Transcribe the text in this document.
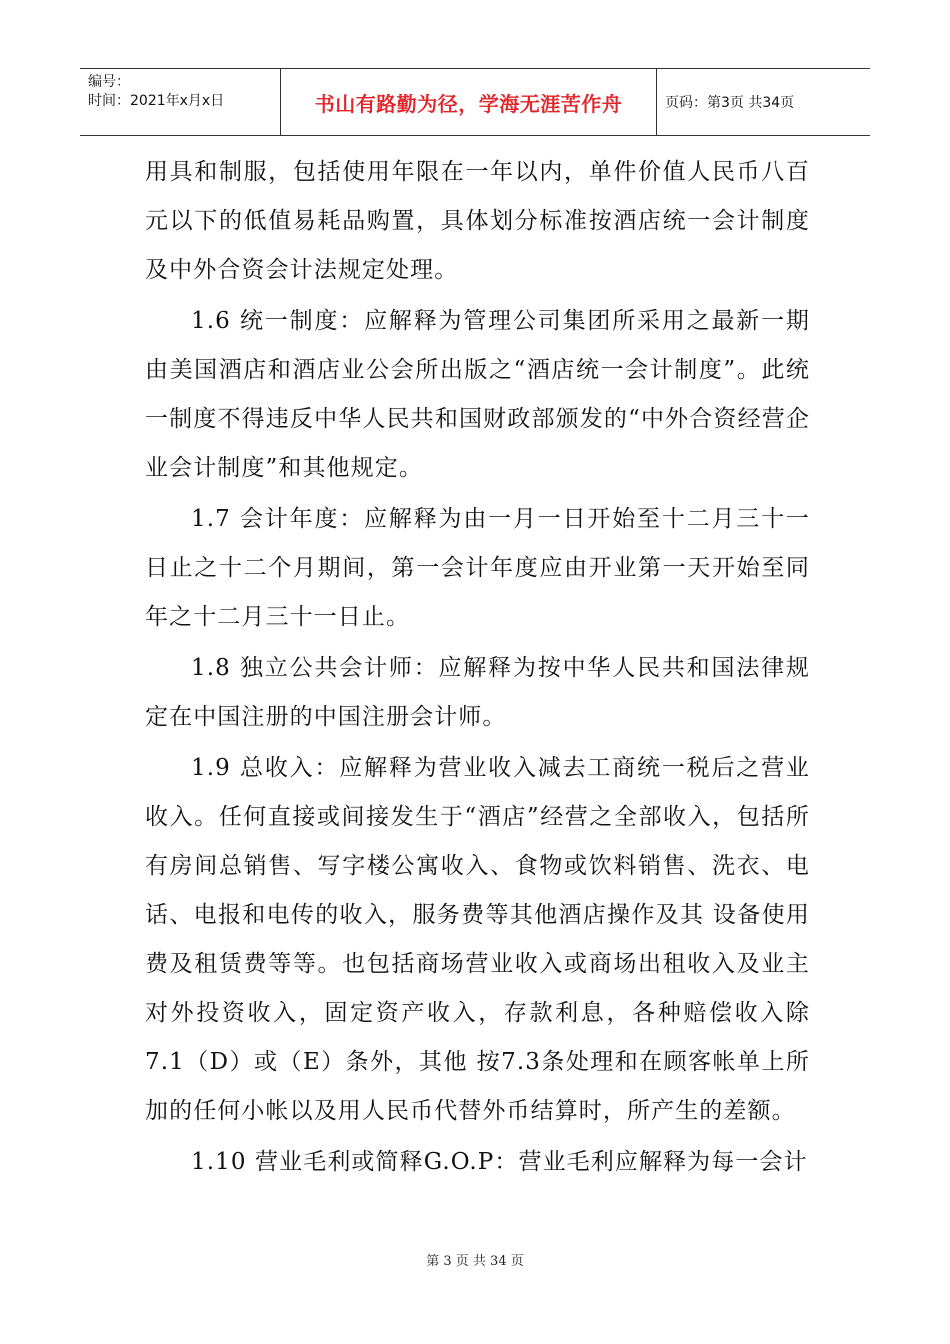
编号：
时间：2021年x月x日	书山有路勤为径，学海无涯苦作舟	页码：第3页 共34页

用具和制服，包括使用年限在一年以内，单件价值人民币八百元以下的低值易耗品购置，具体划分标准按酒店统一会计制度及中外合资会计法规定处理。

1.6 统一制度：应解释为管理公司集团所采用之最新一期由美国酒店和酒店业公会所出版之“酒店统一会计制度”。此统一制度不得违反中华人民共和国财政部颁发的“中外合资经营企业会计制度”和其他规定。

1.7 会计年度：应解释为由一月一日开始至十二月三十一日止之十二个月期间，第一会计年度应由开业第一天开始至同年之十二月三十一日止。

1.8 独立公共会计师：应解释为按中华人民共和国法律规定在中国注册的中国注册会计师。

1.9 总收入：应解释为营业收入减去工商统一税后之营业收入。任何直接或间接发生于“酒店”经营之全部收入，包括所有房间总销售、写字楼公寓收入、食物或饮料销售、洗衣、电话、电报和电传的收入，服务费等其他酒店操作及其 设备使用费及租赁费等等。也包括商场营业收入或商场出租收入及业主对外投资收入，固定资产收入，存款利息，各种赔偿收入除7.1（D）或（E）条外，其他 按7.3条处理和在顾客帐单上所加的任何小帐以及用人民币代替外币结算时，所产生的差额。

1.10 营业毛利或简释G.O.P：营业毛利应解释为每一会计

第 3 页 共 34 页
